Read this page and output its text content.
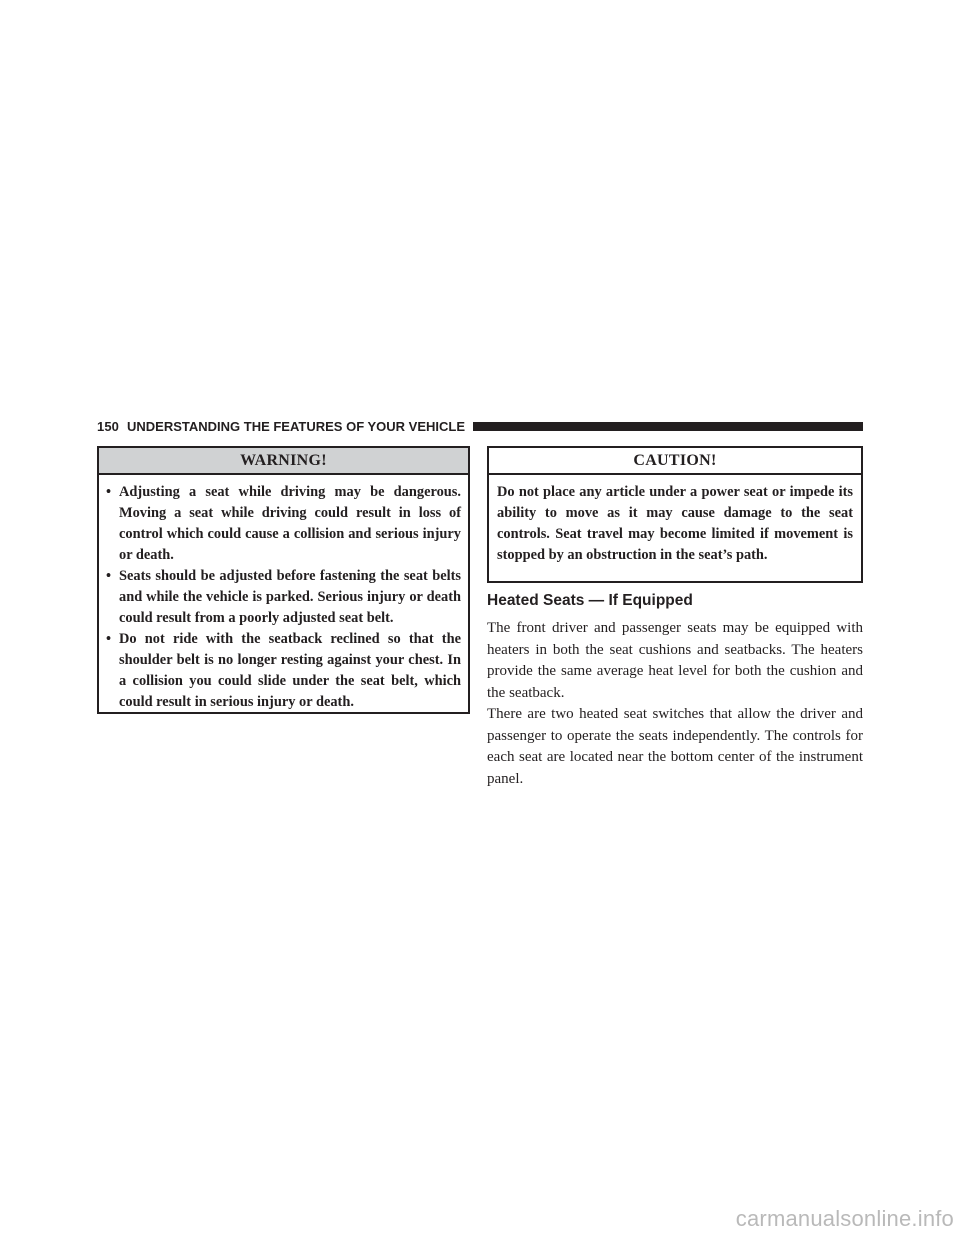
150 UNDERSTANDING THE FEATURES OF YOUR VEHICLE
WARNING!
• Adjusting a seat while driving may be dangerous. Moving a seat while driving could result in loss of control which could cause a collision and serious injury or death.
• Seats should be adjusted before fastening the seat belts and while the vehicle is parked. Serious injury or death could result from a poorly adjusted seat belt.
• Do not ride with the seatback reclined so that the shoulder belt is no longer resting against your chest. In a collision you could slide under the seat belt, which could result in serious injury or death.
CAUTION!
Do not place any article under a power seat or impede its ability to move as it may cause damage to the seat controls. Seat travel may become limited if movement is stopped by an obstruction in the seat’s path.
Heated Seats — If Equipped

The front driver and passenger seats may be equipped with heaters in both the seat cushions and seatbacks. The heaters provide the same average heat level for both the cushion and the seatback.

There are two heated seat switches that allow the driver and passenger to operate the seats independently. The controls for each seat are located near the bottom center of the instrument panel.

carmanualsonline.info
